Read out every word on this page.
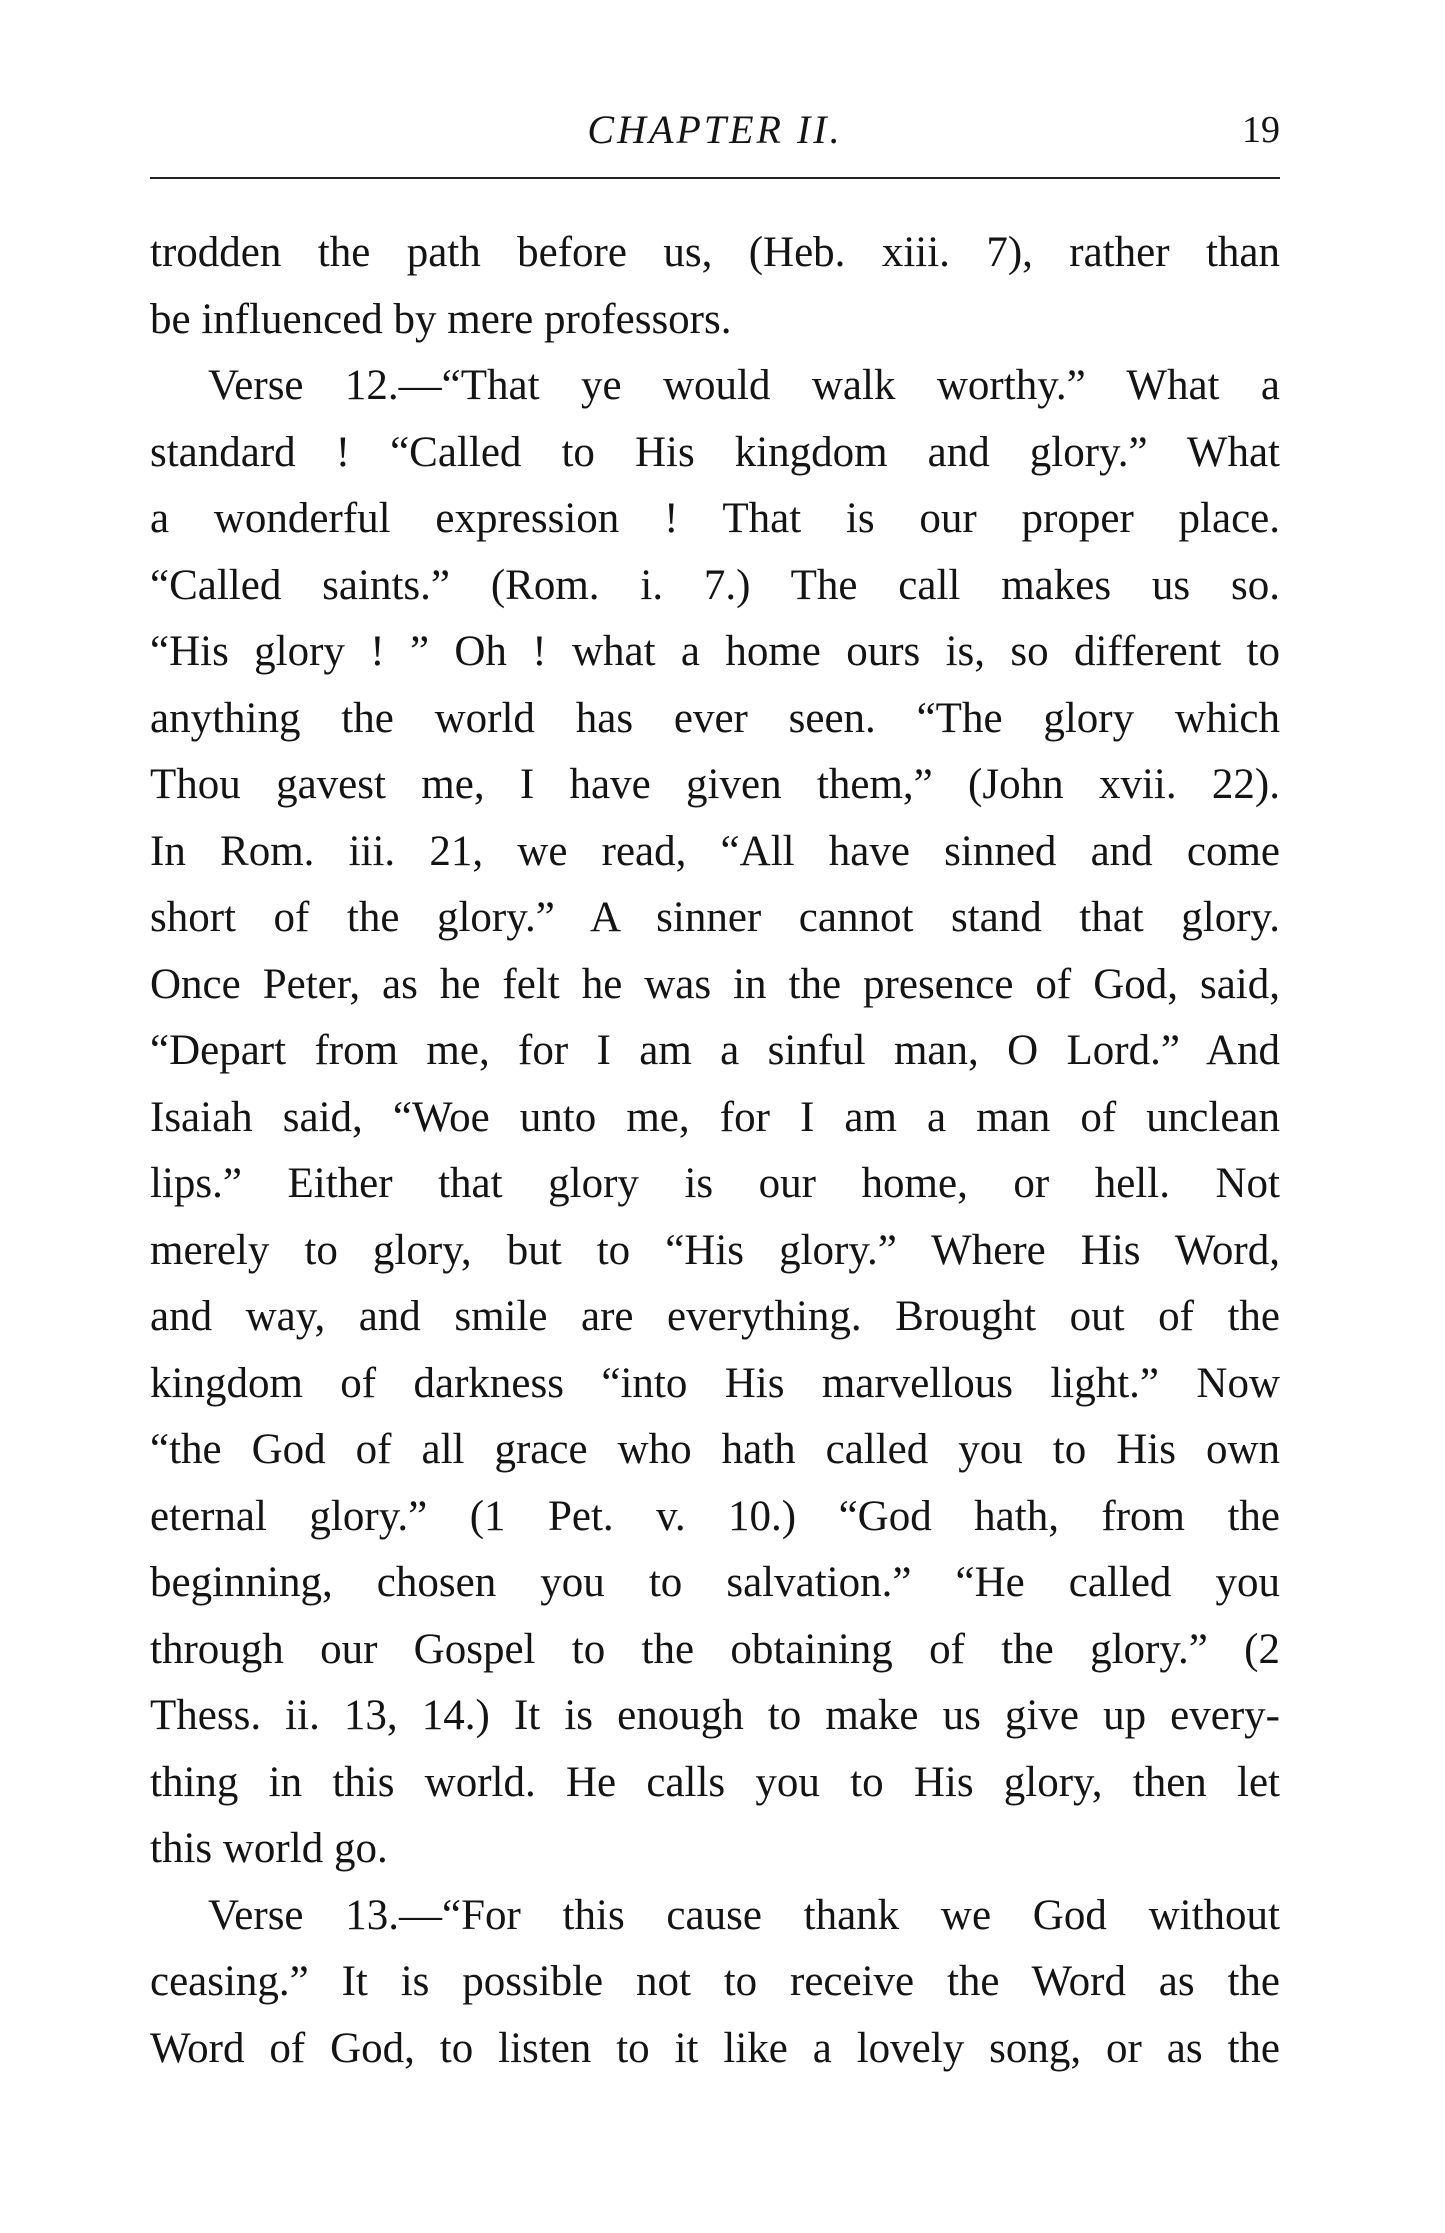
CHAPTER II.	19
trodden the path before us, (Heb. xiii. 7), rather than
be influenced by mere professors.
Verse 12.—“That ye would walk worthy.” What a
standard ! “Called to His kingdom and glory.” What
a wonderful expression ! That is our proper place.
“Called saints.” (Rom. i. 7.) The call makes us so.
“His glory ! ” Oh ! what a home ours is, so different to
anything the world has ever seen. “The glory which
Thou gavest me, I have given them,” (John xvii. 22).
In Rom. iii. 21, we read, “All have sinned and come
short of the glory.” A sinner cannot stand that glory.
Once Peter, as he felt he was in the presence of God, said,
“Depart from me, for I am a sinful man, O Lord.” And
Isaiah said, “Woe unto me, for I am a man of unclean
lips.” Either that glory is our home, or hell. Not
merely to glory, but to “His glory.” Where His Word,
and way, and smile are everything. Brought out of the
kingdom of darkness “into His marvellous light.” Now
“the God of all grace who hath called you to His own
eternal glory.” (1 Pet. v. 10.) “God hath, from the
beginning, chosen you to salvation.” “He called you
through our Gospel to the obtaining of the glory.” (2
Thess. ii. 13, 14.) It is enough to make us give up every-
thing in this world. He calls you to His glory, then let
this world go.
Verse 13.—“For this cause thank we God without
ceasing.” It is possible not to receive the Word as the
Word of God, to listen to it like a lovely song, or as the
